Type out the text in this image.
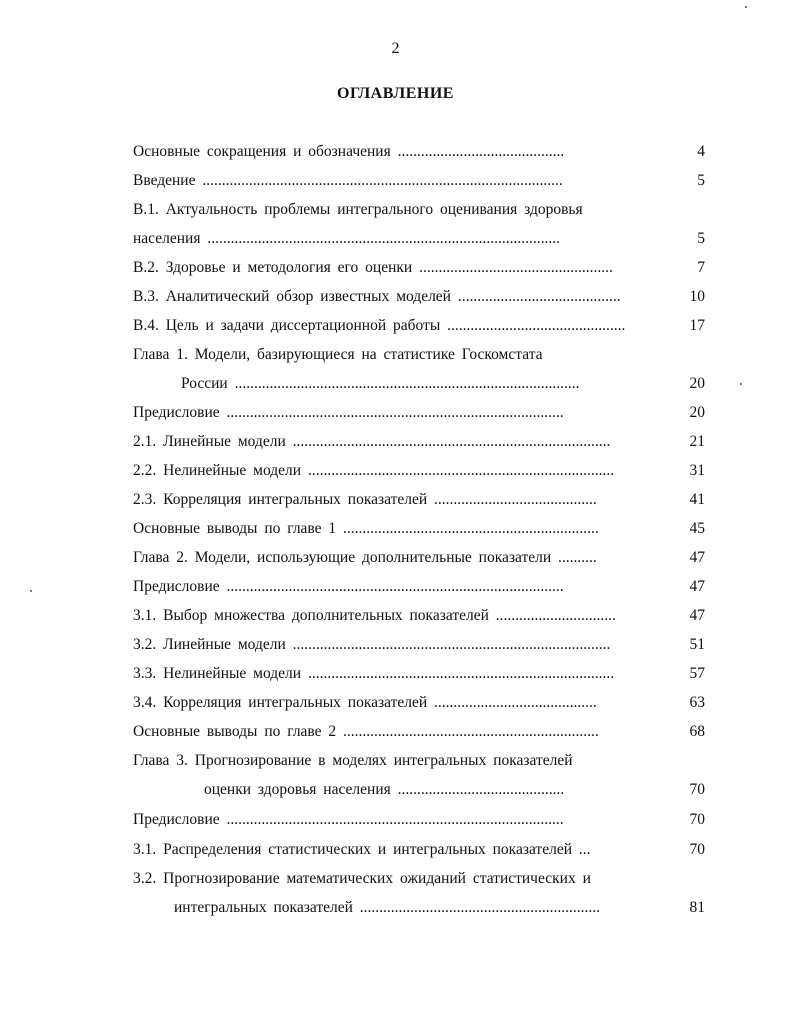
2
ОГЛАВЛЕНИЕ
Основные сокращения и обозначения ...........................................	4
Введение .............................................................................................	5
В.1. Актуальность проблемы интегрального оценивания здоровья
населения ...........................................................................................	5
В.2. Здоровье и методология его оценки ..................................................	7
В.3. Аналитический обзор известных моделей ..........................................	10
В.4. Цель и задачи диссертационной работы ..............................................	17
Глава 1. Модели, базирующиеся на статистике Госкомстата
России .........................................................................................	20
Предисловие .......................................................................................	20
2.1. Линейные модели ..................................................................................	21
2.2. Нелинейные модели ...............................................................................	31
2.3. Корреляция интегральных показателей ..........................................	41
Основные выводы по главе 1 ..................................................................	45
Глава 2. Модели, использующие дополнительные показатели ..........	47
Предисловие .......................................................................................	47
3.1. Выбор множества дополнительных показателей ...............................	47
3.2. Линейные модели ..................................................................................	51
3.3. Нелинейные модели ...............................................................................	57
3.4. Корреляция интегральных показателей ..........................................	63
Основные выводы по главе 2 ..................................................................	68
Глава 3. Прогнозирование в моделях интегральных показателей
оценки здоровья населения ...........................................	70
Предисловие .......................................................................................	70
3.1. Распределения статистических и интегральных показателей ...	70
3.2. Прогнозирование математических ожиданий статистических и
интегральных показателей ..............................................................	81
